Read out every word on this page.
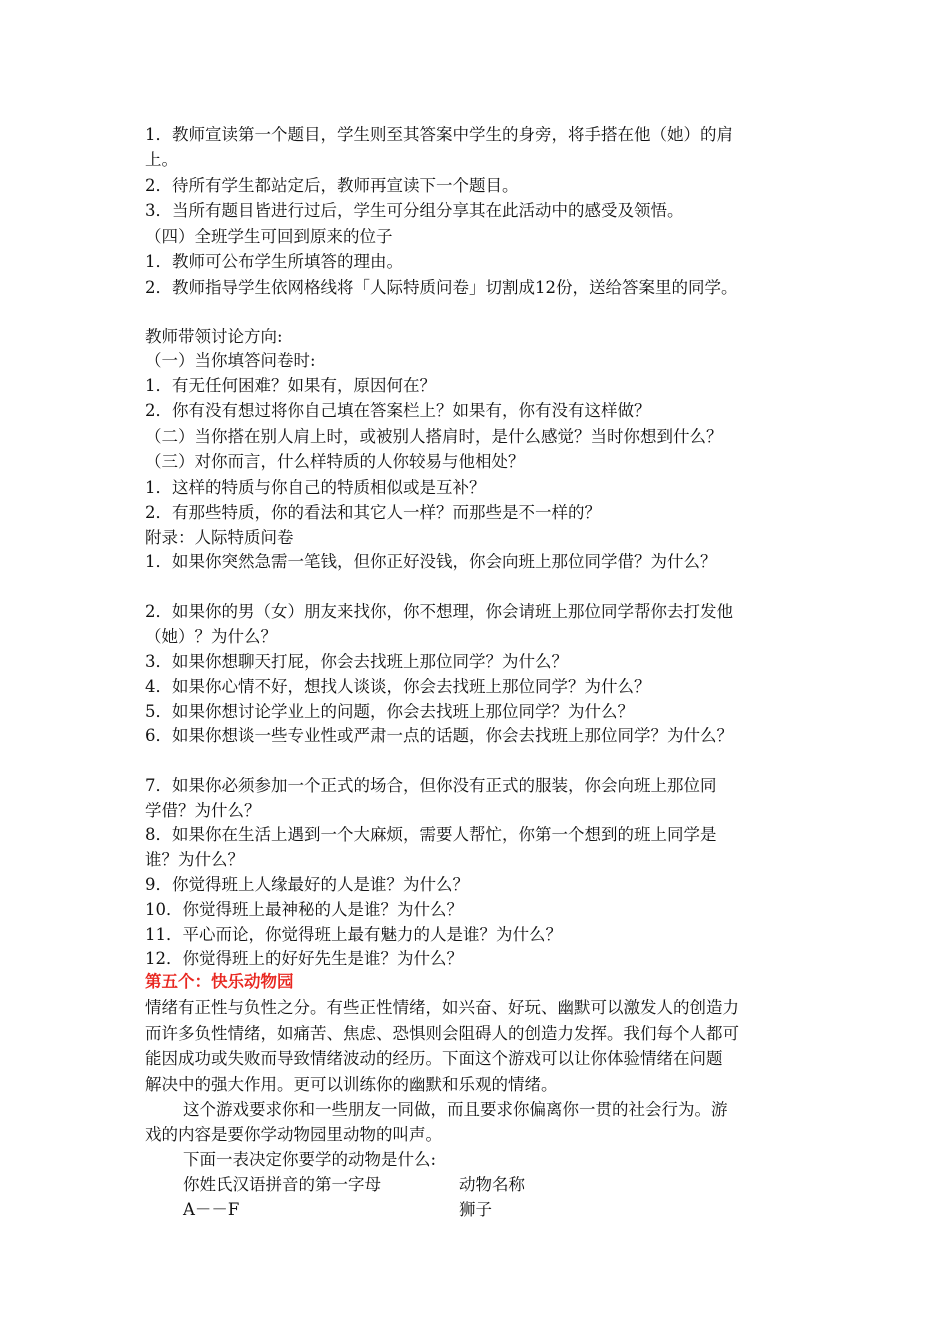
1．教师宣读第一个题目，学生则至其答案中学生的身旁，将手搭在他（她）的肩
上。
2．待所有学生都站定后，教师再宣读下一个题目。
3．当所有题目皆进行过后，学生可分组分享其在此活动中的感受及领悟。
（四）全班学生可回到原来的位子
1．教师可公布学生所填答的理由。
2．教师指导学生依网格线将「人际特质问卷」切割成12份，送给答案里的同学。
教师带领讨论方向:
（一）当你填答问卷时:
1．有无任何困难？如果有，原因何在？
2．你有没有想过将你自己填在答案栏上？如果有，你有没有这样做？
（二）当你搭在别人肩上时，或被别人搭肩时，是什么感觉？当时你想到什么？
（三）对你而言，什么样特质的人你较易与他相处？
1．这样的特质与你自己的特质相似或是互补？
2．有那些特质，你的看法和其它人一样？而那些是不一样的？
附录：人际特质问卷
1．如果你突然急需一笔钱，但你正好没钱，你会向班上那位同学借？为什么？
2．如果你的男（女）朋友来找你，你不想理，你会请班上那位同学帮你去打发他
（她）？为什么？
3．如果你想聊天打屁，你会去找班上那位同学？为什么？
4．如果你心情不好，想找人谈谈，你会去找班上那位同学？为什么？
5．如果你想讨论学业上的问题，你会去找班上那位同学？为什么？
6．如果你想谈一些专业性或严肃一点的话题，你会去找班上那位同学？为什么？
7．如果你必须参加一个正式的场合，但你没有正式的服装，你会向班上那位同
学借？为什么？
8．如果你在生活上遇到一个大麻烦，需要人帮忙，你第一个想到的班上同学是
谁？为什么？
9．你觉得班上人缘最好的人是谁？为什么？
10．你觉得班上最神秘的人是谁？为什么？
11．平心而论，你觉得班上最有魅力的人是谁？为什么？
12．你觉得班上的好好先生是谁？为什么？
第五个：快乐动物园
情绪有正性与负性之分。有些正性情绪，如兴奋、好玩、幽默可以激发人的创造力
而许多负性情绪，如痛苦、焦虑、恐惧则会阻碍人的创造力发挥。我们每个人都可
能因成功或失败而导致情绪波动的经历。下面这个游戏可以让你体验情绪在问题
解决中的强大作用。更可以训练你的幽默和乐观的情绪。
这个游戏要求你和一些朋友一同做，而且要求你偏离你一贯的社会行为。游
戏的内容是要你学动物园里动物的叫声。
下面一表决定你要学的动物是什么:
你姓氏汉语拼音的第一字母	动物名称
A－－F	狮子
